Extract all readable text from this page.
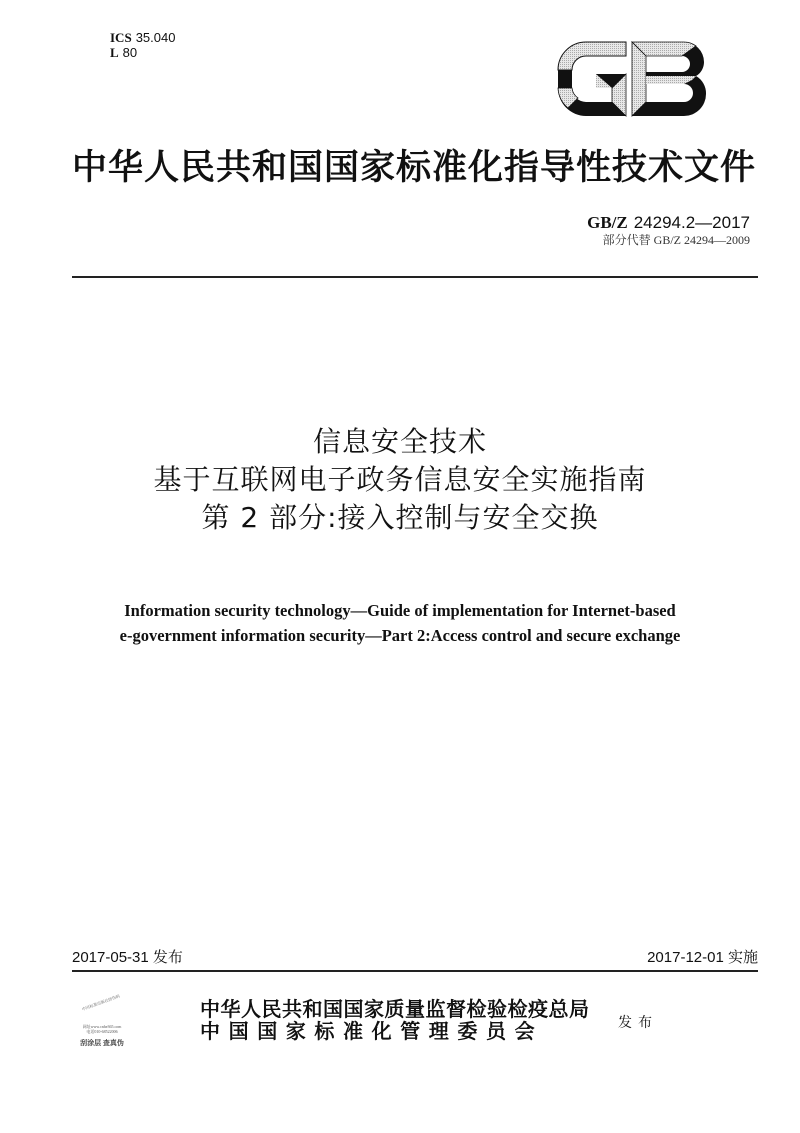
ICS 35.040
L 80
中华人民共和国国家标准化指导性技术文件
GB/Z 24294.2—2017
部分代替 GB/Z 24294—2009
信息安全技术
基于互联网电子政务信息安全实施指南
第 2 部分:接入控制与安全交换
Information security technology—Guide of implementation for Internet-based
e-government information security—Part 2:Access control and secure exchange
2017-05-31 发布	2017-12-01 实施
中国标准出版社防伪码
网址www.cnhe365.com
电话010-68522006
刮涂层 查真伪
中华人民共和国国家质量监督检验检疫总局
中国国家标准化管理委员会	发布
